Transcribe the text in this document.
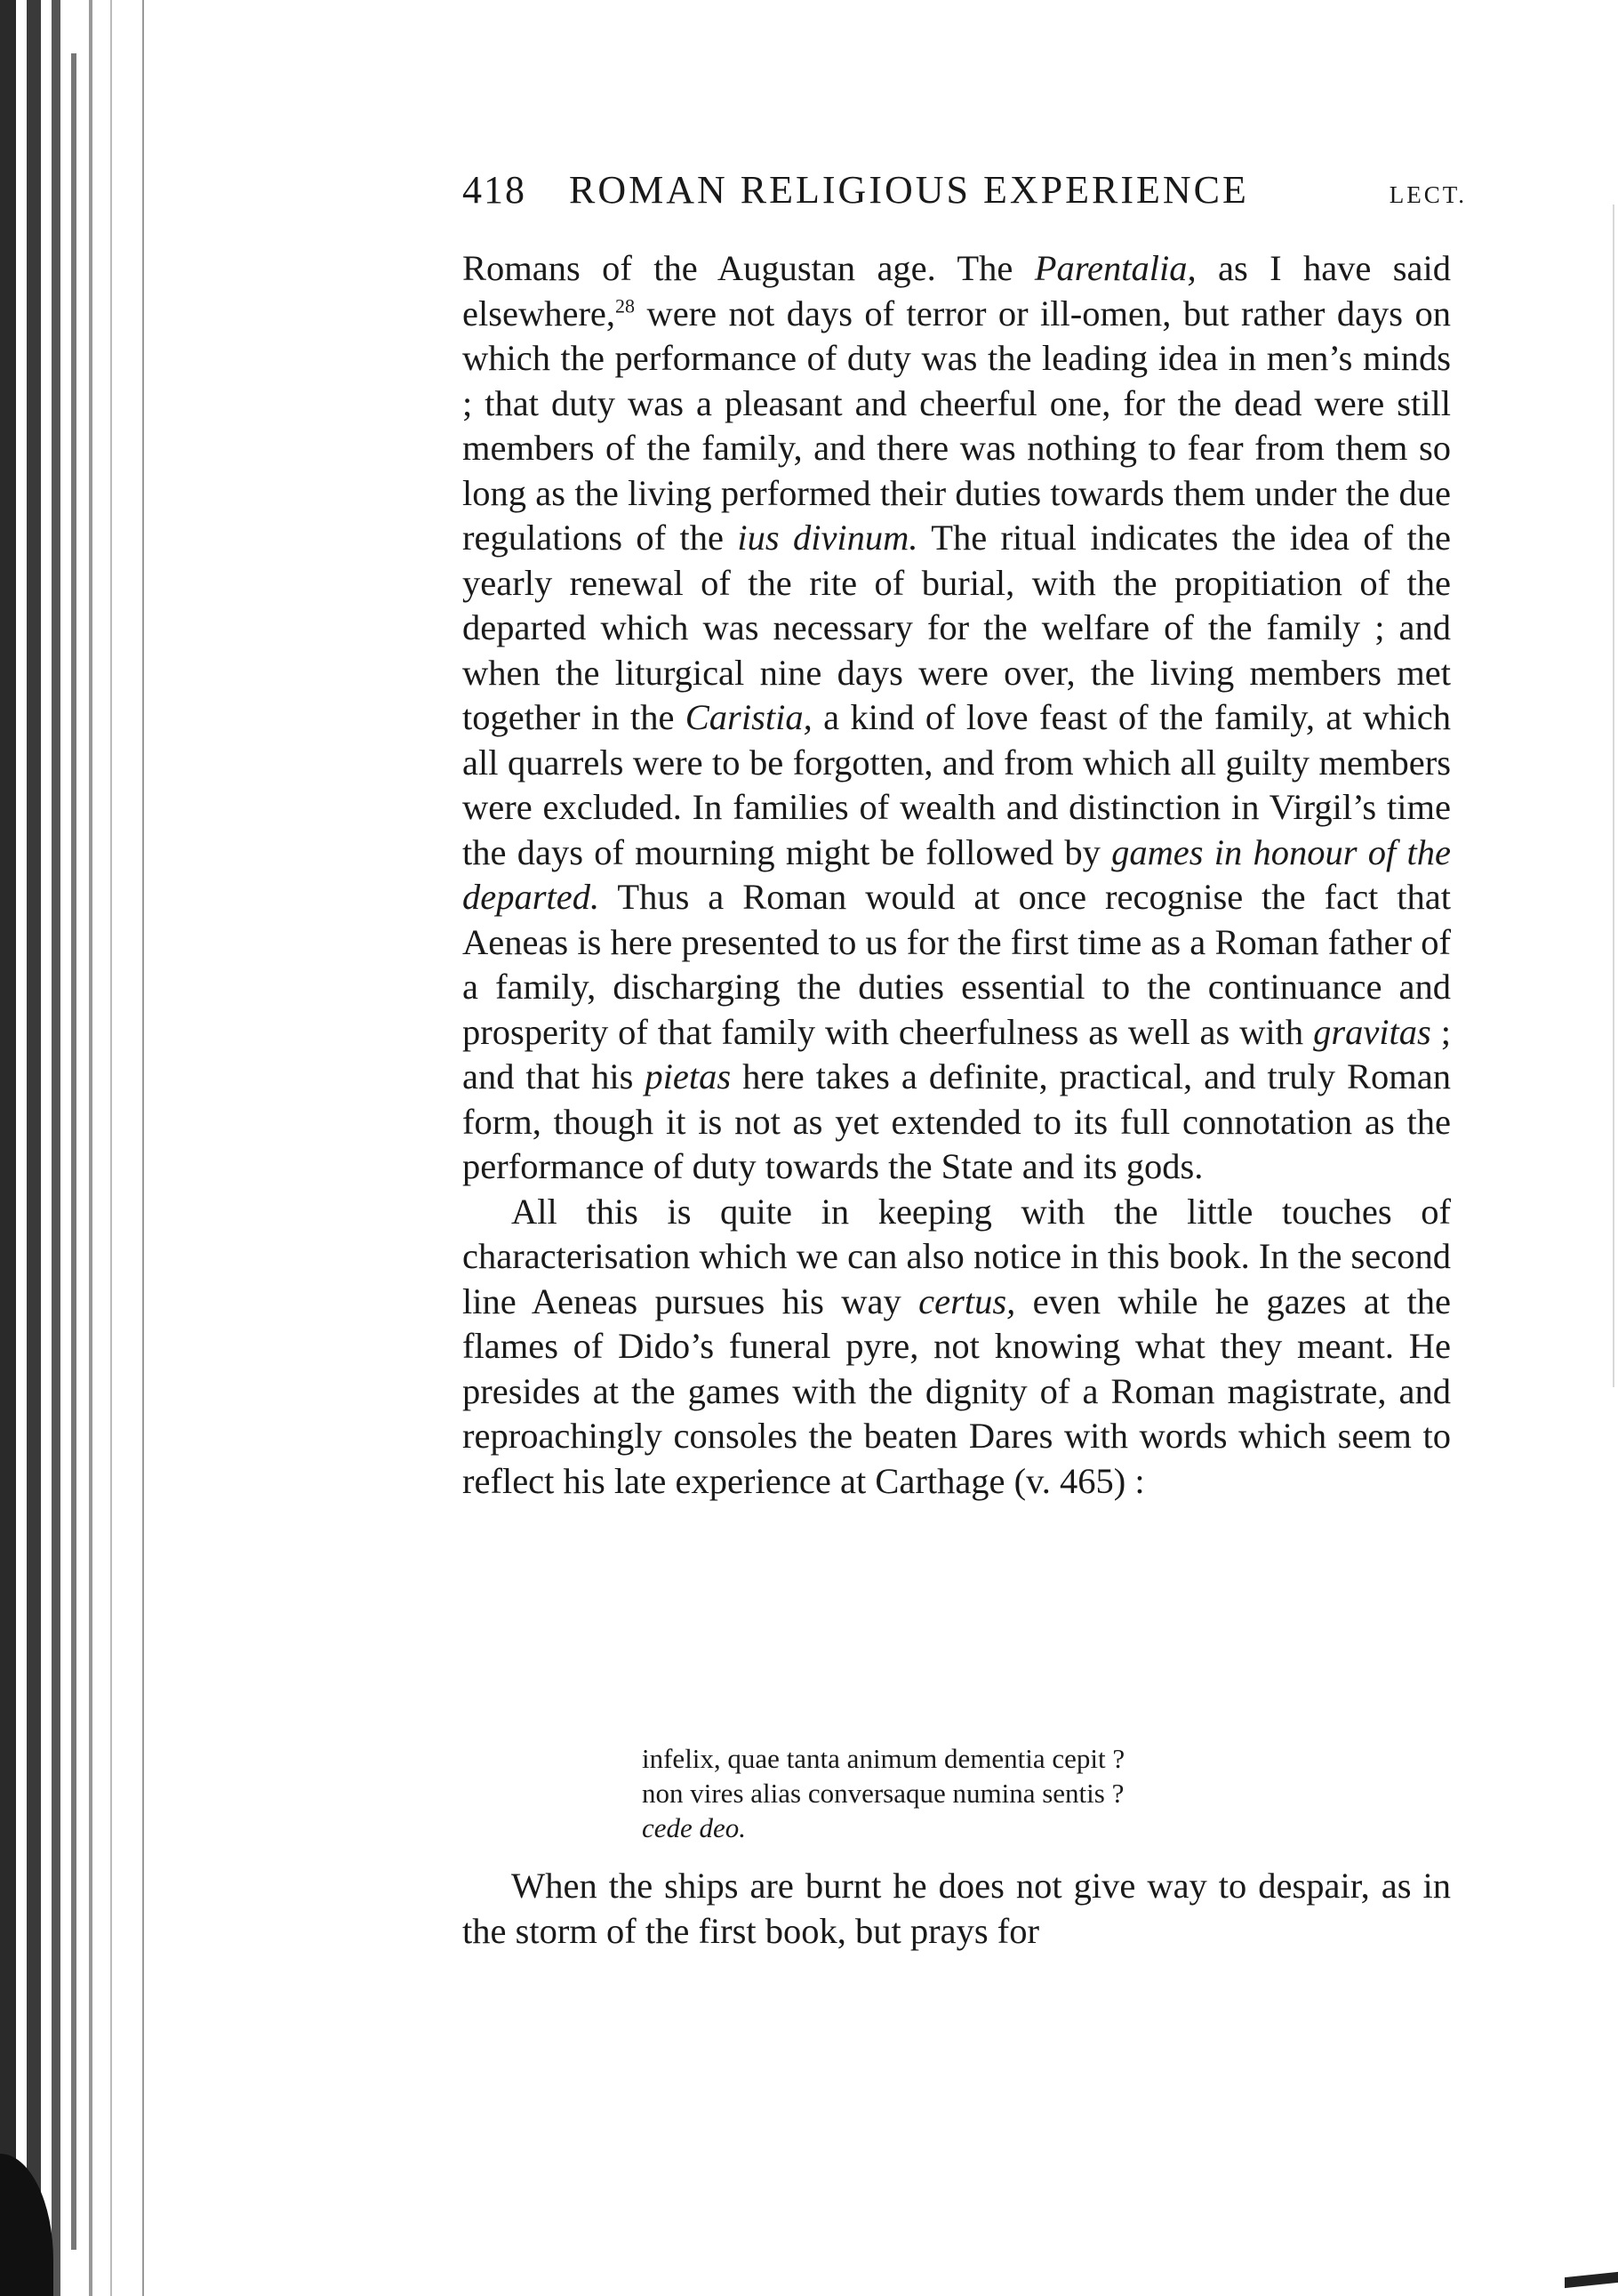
418	ROMAN RELIGIOUS EXPERIENCE	LECT.

Romans of the Augustan age. The Parentalia, as I have said elsewhere,$^{28}$ were not days of terror or ill-omen, but rather days on which the performance of duty was the leading idea in men’s minds ; that duty was a pleasant and cheerful one, for the dead were still members of the family, and there was nothing to fear from them so long as the living performed their duties towards them under the due regulations of the ius divinum. The ritual indicates the idea of the yearly renewal of the rite of burial, with the propitiation of the departed which was necessary for the welfare of the family ; and when the liturgical nine days were over, the living members met together in the Caristia, a kind of love feast of the family, at which all quarrels were to be forgotten, and from which all guilty members were excluded. In families of wealth and distinction in Virgil’s time the days of mourning might be followed by games in honour of the departed. Thus a Roman would at once recognise the fact that Aeneas is here presented to us for the first time as a Roman father of a family, discharging the duties essential to the continuance and prosperity of that family with cheerfulness as well as with gravitas ; and that his pietas here takes a definite, practical, and truly Roman form, though it is not as yet extended to its full connotation as the performance of duty towards the State and its gods.

All this is quite in keeping with the little touches of characterisation which we can also notice in this book. In the second line Aeneas pursues his way certus, even while he gazes at the flames of Dido’s funeral pyre, not knowing what they meant. He presides at the games with the dignity of a Roman magistrate, and reproachingly consoles the beaten Dares with words which seem to reflect his late experience at Carthage (v. 465) :

infelix, quae tanta animum dementia cepit ?
non vires alias conversaque numina sentis ?
cede deo.

When the ships are burnt he does not give way to despair, as in the storm of the first book, but prays for
